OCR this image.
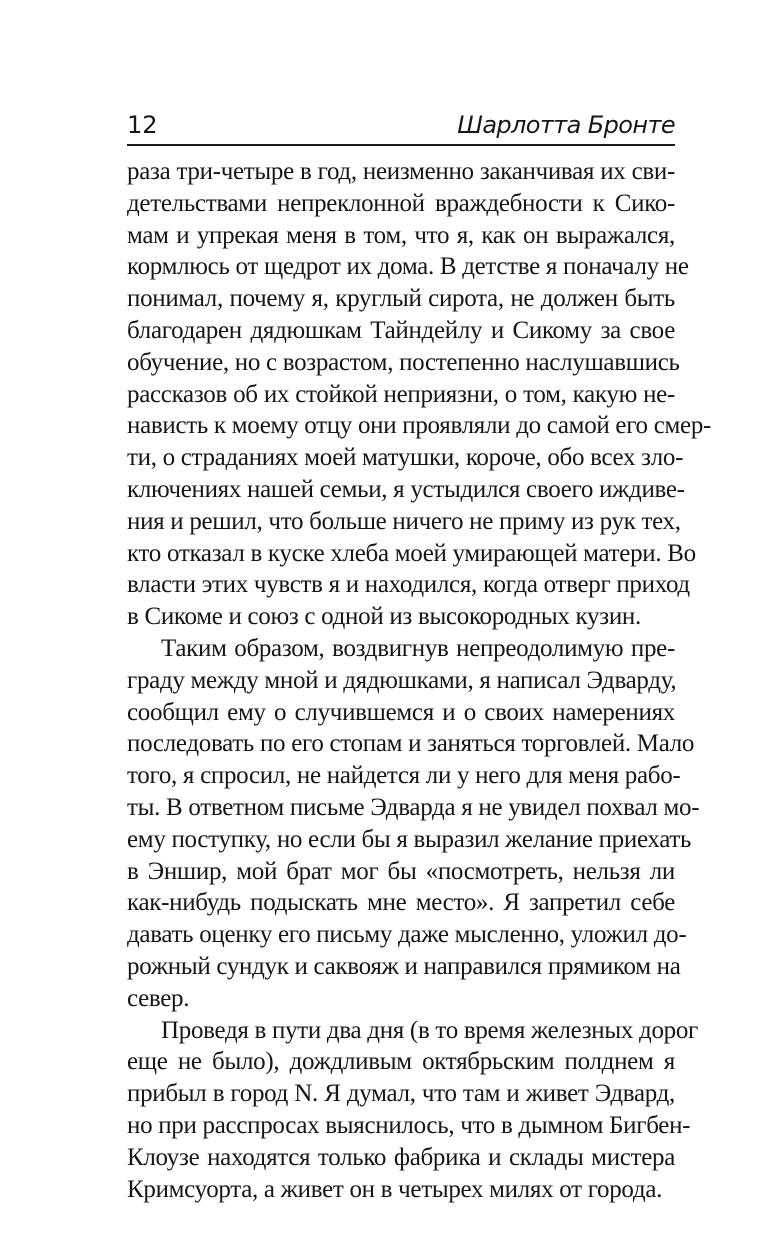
12	Шарлотта Бронте
раза три-четыре в год, неизменно заканчивая их сви-
детельствами непреклонной враждебности к Сико-
мам и упрекая меня в том, что я, как он выражался,
кормлюсь от щедрот их дома. В детстве я поначалу не
понимал, почему я, круглый сирота, не должен быть
благодарен дядюшкам Тайндейлу и Сикому за свое
обучение, но с возрастом, постепенно наслушавшись
рассказов об их стойкой неприязни, о том, какую не-
нависть к моему отцу они проявляли до самой его смер-
ти, о страданиях моей матушки, короче, обо всех зло-
ключениях нашей семьи, я устыдился своего иждиве-
ния и решил, что больше ничего не приму из рук тех,
кто отказал в куске хлеба моей умирающей матери. Во
власти этих чувств я и находился, когда отверг приход
в Сикоме и союз с одной из высокородных кузин.
Таким образом, воздвигнув непреодолимую пре-
граду между мной и дядюшками, я написал Эдварду,
сообщил ему о случившемся и о своих намерениях
последовать по его стопам и заняться торговлей. Мало
того, я спросил, не найдется ли у него для меня рабо-
ты. В ответном письме Эдварда я не увидел похвал мо-
ему поступку, но если бы я выразил желание приехать
в Эншир, мой брат мог бы «посмотреть, нельзя ли
как-нибудь подыскать мне место». Я запретил себе
давать оценку его письму даже мысленно, уложил до-
рожный сундук и саквояж и направился прямиком на
север.
Проведя в пути два дня (в то время железных дорог
еще не было), дождливым октябрьским полднем я
прибыл в город N. Я думал, что там и живет Эдвард,
но при расспросах выяснилось, что в дымном Бигбен-
Клоузе находятся только фабрика и склады мистера
Кримсуорта, а живет он в четырех милях от города.
